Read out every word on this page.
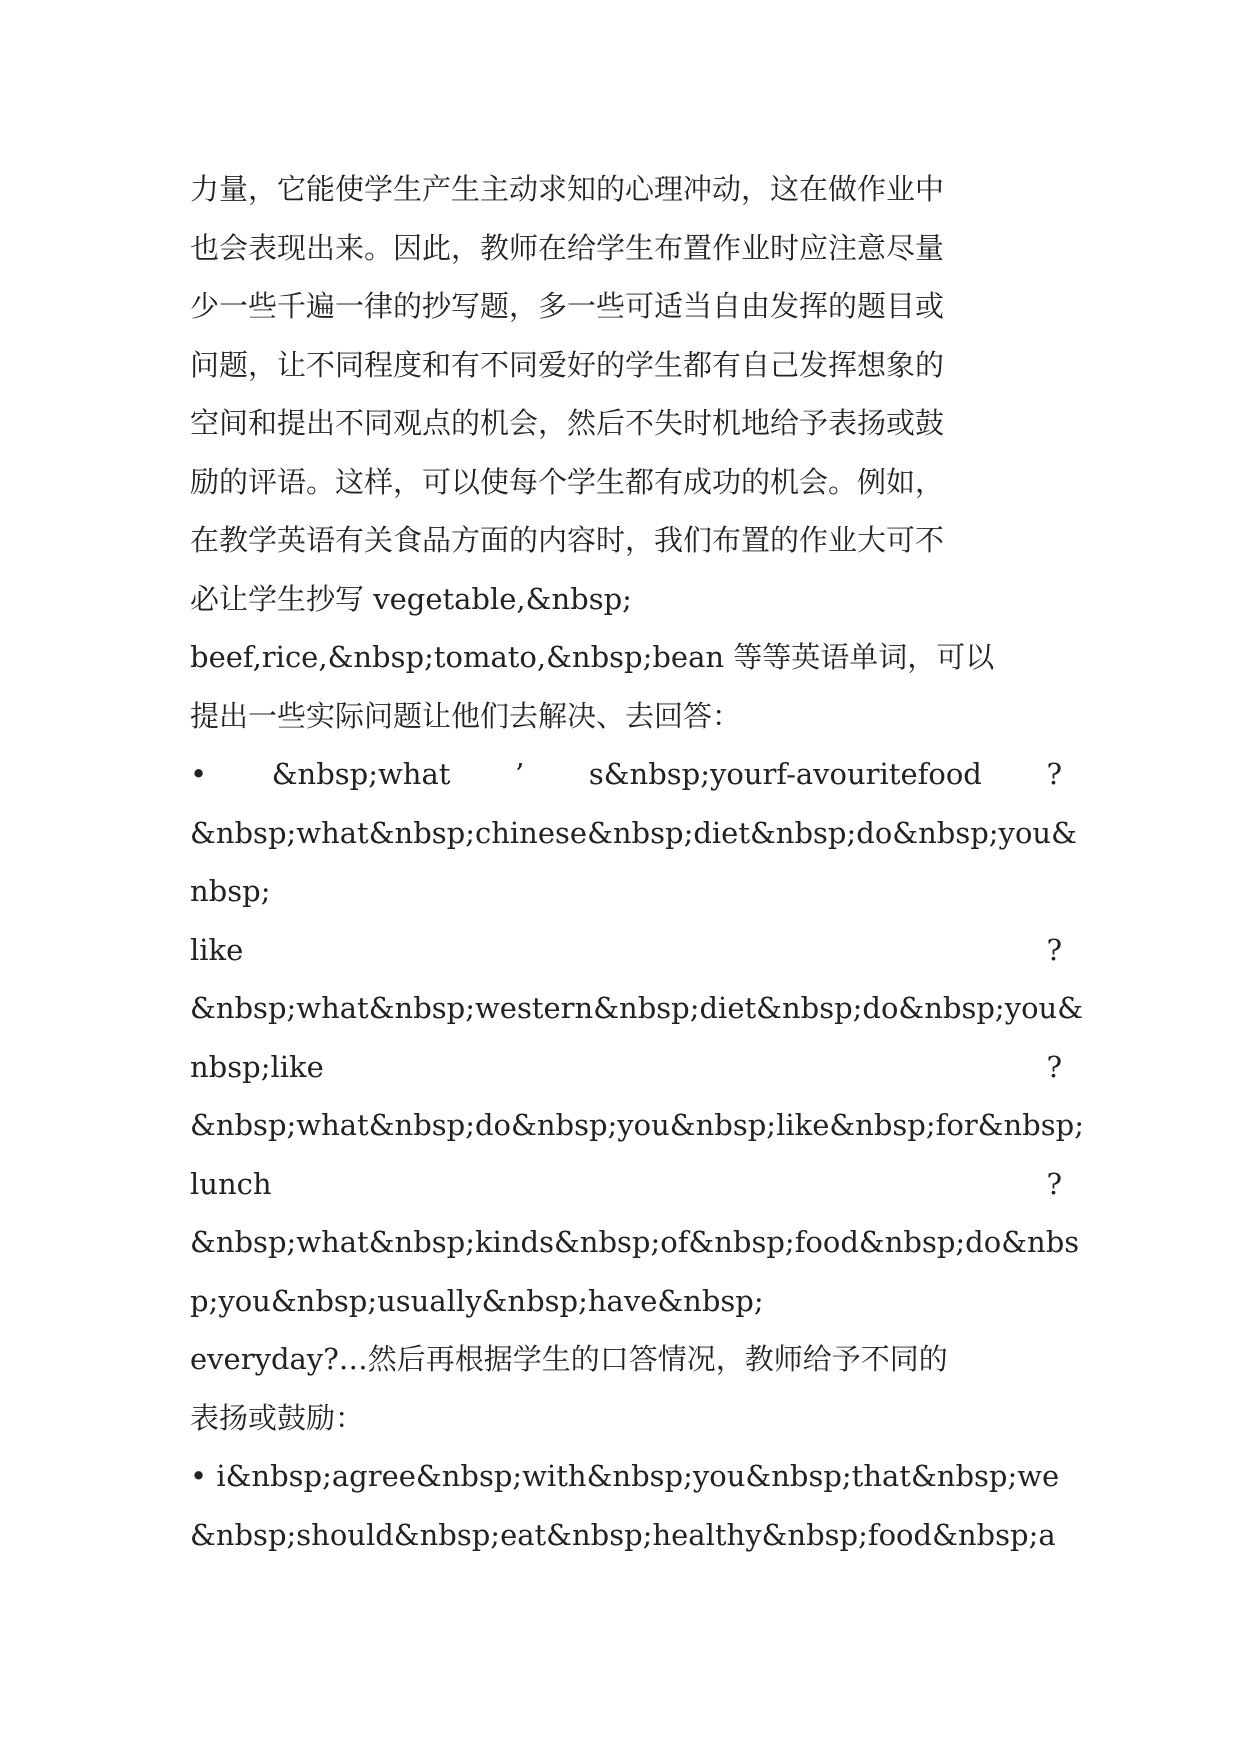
力量，它能使学生产生主动求知的心理冲动，这在做作业中
也会表现出来。因此，教师在给学生布置作业时应注意尽量
少一些千遍一律的抄写题，多一些可适当自由发挥的题目或
问题，让不同程度和有不同爱好的学生都有自己发挥想象的
空间和提出不同观点的机会，然后不失时机地给予表扬或鼓
励的评语。这样，可以使每个学生都有成功的机会。例如，
在教学英语有关食品方面的内容时，我们布置的作业大可不
必让学生抄写 vegetable,&nbsp;
beef,rice,&nbsp;tomato,&nbsp;bean 等等英语单词，可以
提出一些实际问题让他们去解决、去回答：
• &nbsp;what ’ s&nbsp;yourf-avouritefood ?
&nbsp;what&nbsp;chinese&nbsp;diet&nbsp;do&nbsp;you&
nbsp;
like	?
&nbsp;what&nbsp;western&nbsp;diet&nbsp;do&nbsp;you&
nbsp;like	?
&nbsp;what&nbsp;do&nbsp;you&nbsp;like&nbsp;for&nbsp;
lunch	?
&nbsp;what&nbsp;kinds&nbsp;of&nbsp;food&nbsp;do&nbs
p;you&nbsp;usually&nbsp;have&nbsp;
everyday?…然后再根据学生的口答情况，教师给予不同的
表扬或鼓励：
• i&nbsp;agree&nbsp;with&nbsp;you&nbsp;that&nbsp;we
&nbsp;should&nbsp;eat&nbsp;healthy&nbsp;food&nbsp;a
